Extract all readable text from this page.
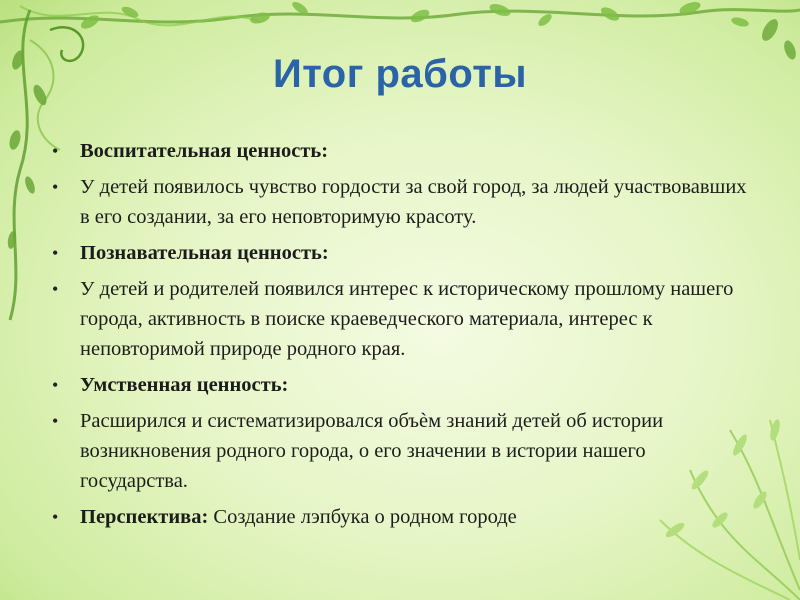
Итог работы
• Воспитательная ценность:
• У детей появилось чувство гордости за свой город, за людей участвовавших в его создании, за его неповторимую красоту.
• Познавательная ценность:
• У детей и родителей появился интерес к историческому прошлому нашего города, активность в поиске краеведческого материала, интерес к неповторимой природе родного края.
• Умственная ценность:
• Расширился и систематизировался объѐм знаний детей об истории возникновения родного города, о его значении в истории нашего государства.
• Перспектива: Создание лэпбука о родном городе
